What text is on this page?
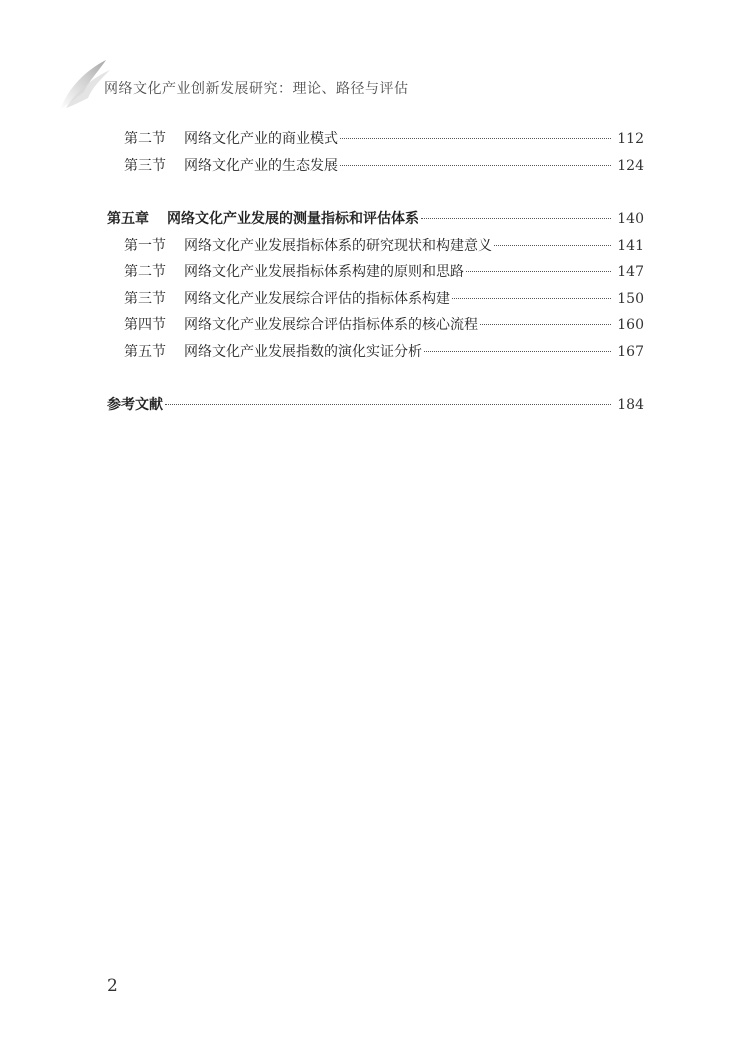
网络文化产业创新发展研究：理论、路径与评估
第二节 网络文化产业的商业模式	112
第三节 网络文化产业的生态发展	124
第五章 网络文化产业发展的测量指标和评估体系	140
第一节 网络文化产业发展指标体系的研究现状和构建意义	141
第二节 网络文化产业发展指标体系构建的原则和思路	147
第三节 网络文化产业发展综合评估的指标体系构建	150
第四节 网络文化产业发展综合评估指标体系的核心流程	160
第五节 网络文化产业发展指数的演化实证分析	167
参考文献	184
2
